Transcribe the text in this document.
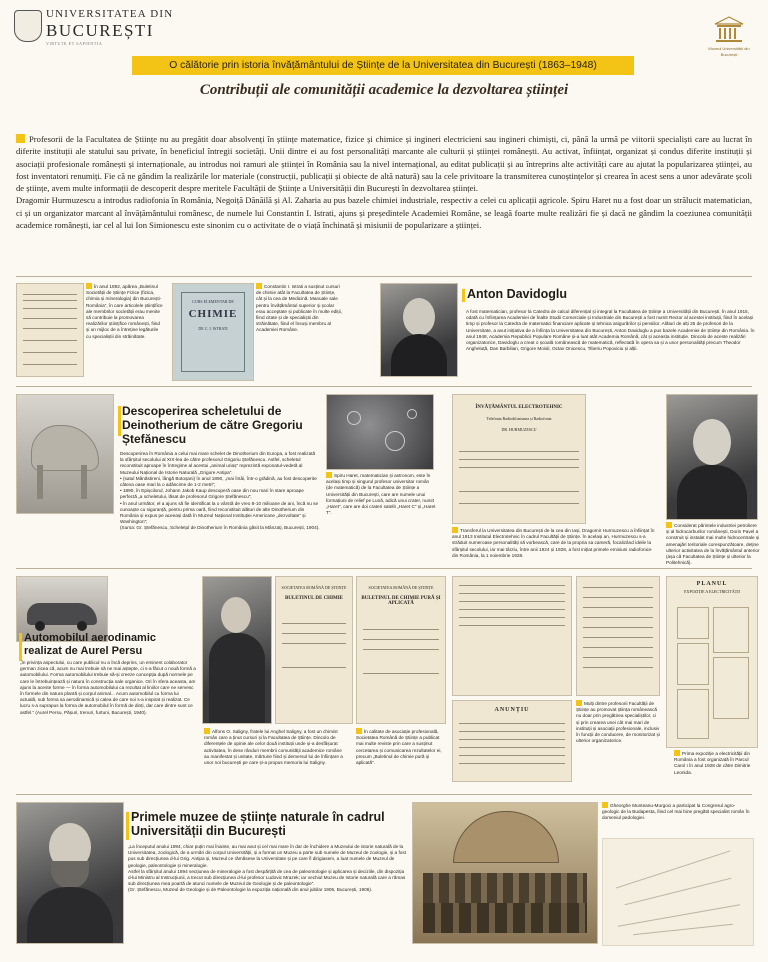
UNIVERSITATEA DIN
BUCUREȘTI
VIRTUTE ET SAPIENTIA
Muzeul Universității din București
O călătorie prin istoria învățământului de Științe de la Universitatea din București (1863–1948)
Contribuții ale comunității academice la dezvoltarea științei
Profesorii de la Facultatea de Științe nu au pregătit doar absolvenți în științe matematice, fizice și chimice și ingineri electricieni sau ingineri chimiști, ci, până la urmă pe viitorii specialiști care au lucrat în diferite instituții ale statului sau private, în beneficiul întregii societăți. Unii dintre ei au fost personalități marcante ale culturii și științei românești. Au activat, înființat, organizat și condus diferite instituții și asociații profesionale românești și internaționale, au introdus noi ramuri ale științei în România sau la nivel internațional, au editat publicații și au întreprins alte activități care au ajutat la popularizarea științei, au fost inventatori renumiți. Fie că ne gândim la realizările lor materiale (construcții, publicații și obiecte de altă natură) sau la cele privitoare la transmiterea cunoștințelor și crearea în acest sens a unor adevărate școli de științe, avem multe informații de descoperit despre meritele Facultății de Științe a Universității din București în dezvoltarea științei.
Dragomir Hurmuzescu a introdus radiofonia în România, Negoiță Dănăilă și Al. Zaharia au pus bazele chimiei industriale, respectiv a celei cu aplicații agricole. Spiru Haret nu a fost doar un strălucit matematician, ci și un organizator marcant al învățământului românesc, de numele lui Constantin I. Istrati, ajuns și președintele Academiei Române, se leagă foarte multe realizări fie și dacă ne gândim la coeziunea comunității academice românești, iar cel al lui Ion Simionescu este sinonim cu o activitate de o viață închinată și misiunii de popularizare a științei.
În anul 1892, apărea „Buletinul Societății de Științe Fizice (fizica, chimia și mineralogia) din București-România”, în care articolele științifice ale membrilor societății erau menite să contribuie la promovarea realizărilor științifice românești, fiind și un mijloc de a întreține legăturile cu specialiștii din străinătate.
CURS ELEMENTAR DE
CHIMIE
DE C. I. ISTRATI
Constantin I. Istrati a susținut cursuri de chimie atât la Facultatea de Științe, cât și la cea de Medicină. Manuale sale pentru învățământul superior și școlar erau acceptate și publicate în multe ediții, fiind citate și de specialiștii din străinătate, fiind el însuși membru al Academiei Române.
Anton Davidoglu
A fost matematician, profesor la Catedra de calcul diferențial și integral la Facultatea de Științe a Universității din București. În anul 1915, odată cu înființarea Academiei de Înalte Studii Comerciale și Industriale din București a fost numit Rector al acestei instituții, fiind în același timp și profesor la Catedra de matematici financiare aplicate și tehnica asigurărilor și pensiilor. Alături de alți 25 de profesori de la Universitate, a avut inițiativa de a înființa la Universitatea din București, Anton Davidoglu a pus bazele Academiei de Științe din România. În anul 1948, Academia Republicii Populare Române și-a luat atât Academia Română, cât și aceasta instituție. Dincolo de aceste realizări organizatorice, Davidoglu a creat o școală românească de matematică, reflectată în opera sa și a unor personalități precum Theodor Angheluță, Dan Barbilian, Grigore Moisil, Octav Onicescu, Tiberiu Popoviciu și alții.
Descoperirea scheletului de Deinotherium de către Gregoriu Ștefănescu
Descoperirea în România a celui mai mare schelet de Dinotherium din Europa, a fost realizată la sfârșitul secolului al XIX-lea de către profesorul Grigoriu Ștefănescu. Astfel, scheletul reconstituit aproape în întregime al acestui „animal uriaș” reprezintă exponatul-vedetă al Muzeului Național de Istorie Naturală „Grigore Antipa”.
• (satul Mânăstireni, lângă Botoșani) în anul 1890, „mai întâi, într-o grădină, au fost descoperite câteva oase mari la o adâncime de 1-2 metri”;
• 1890, în Epișcilorul, Johann Jakob Kaup descoperă oase din nou mari în stare aproape perfectă „a scheletului, lăsat de profesorul Grigore Ștefănescu”;
• în anul următor, el a ajuns să fie identificat la o vârstă de vreo 8-10 milioane de ani, încă nu se cunoaște cu siguranță, pentru prima oară, fiind reconstituit alături de alte Dinotherium din România și expus pe aceeași dată în Muzeul Național Instituției Americane „dezvoltate” și Washington”;
(Sursa: Gr. Ștefănescu, Schelețul de Dinotherium în România găsit la Mânzați, București, 1904).
Spiru Haret, matematician și astronom, este în același timp și singurul profesor universitar român (de matematică) de la Facultatea de Științe a Universității din București, care are numele unui formațiuni de relief pe Lună, adică unui crater, numit „Haret”, care are doi crateri satelit „Haret C” și „Haret T”.
ÎNVĂȚĂMÂNTUL ELECTROTEHNIC
Telefonia Radiodifuziunea și Radiofonia
DR. HURMUZESCU
Transferul la Universitatea din București de la cea din Iași, Dragomir Hurmuzescu a înființat în anul 1913 Institutul Electrotehnic în cadrul Facultății de Științe. În același an, Hurmuzescu s-a străduit numeroase personalități să vorbească, care de la propria sa cameră, focalizând ideile la sfârșitul secolului, iar mai târziu, între anii 1924 și 1928, a fost inițiat primele emisiuni radiofonice din România, la 1 noiembrie 1928.
Considerat părintele industriei petroliere și al hidrocarburilor românești, Dorin Pavel a construit și instalat mai multe hidrocentrale și amenajări teritoriale corespunzătoare, deține ulterior activitatea de la învățământul anterior (așa că Facultatea de Științe și ulterior la Politehnică).
Automobilul aerodinamic realizat de Aurel Persu
„În privința aspectului, cu care publicul nu a încă deprins, un eminent colaborator german zicea că, acum nu mai trebuie să ne mai aștepte, ci s-a făcut o nouă formă a automobilului. Forma automobilului trebuie să-și creeze concepția după normele pe care le întrebuințează și natura în construcția sale organice. Ori în sfera aceasta, am ajuns la aceste forme — în forma automobilului ca rezultat al liniilor care ne servesc în formele din natura plantă și corpul animal... Acum automobilul cu forma lui actuală, sub forma sa aerodinamică și calea de care noi s-a inspirat și realizat. Ce lucru s-a suprapus la forma de automobilul în formă de dinți, dar care dintre sunt ce astfel.” (Aurel Persu, Pășuri, trenuri, furtuni, București, 1940).
SOCIETATEA ROMÂNĂ DE ȘTIINȚE
BULETINUL DE CHIMIE
SOCIETATEA ROMÂNĂ DE ȘTIINȚE
BULETINUL DE CHIMIE PURĂ ȘI APLICATĂ
Alfons O. Saligny, fratele lui Anghel Saligny, a fost un chimist român care a ținut cursuri și la Facultatea de Științe. Dincolo de diferențele de opinie ale celor două instituții unde și-a desfășurat activitatea, în dese rânduri membrii comunității academice române au manifestat și unitate, mărturie fiind și demersul lui de înființare a unor noi bucurești pe care și-a propus memoria lui Saligny.
În calitate de asociație profesională, Societatea Română de Științe a publicat mai multe reviste prin care a susținut cercetarea și comunicarea rezultatelor ei, precum „Buletinul de chimie pură și aplicată”.
ANUNȚIU
Mulți dintre profesorii Facultății de Științe au promovat știința românească nu doar prin pregătirea specialiștilor, ci și prin crearea unei cât mai mari de instituții și asociații profesionale, inclusiv în funcții de conducere, de monitorizat și ulterior organizatorice.
PLANUL
EXPOZIȚIE A ELECTRICITĂȚII
Prima expoziție a electricității din România a fost organizată în Parcul Carol I în anul 1928 de către Dimitrie Leonida.
Primele muzee de științe naturale în cadrul Universității din București
„La începutul anului 1894, chiar puțin mai înainte, au mai avut și cel mai mare în dar de închidere a Muzeului de istorie naturală de la Universitatea, zoologică, de a urmări din corpul Universității, și a format un Muzeu a parte sub numele de Muzeul de zoologie, și a fost pus sub direcțiunea d-lui Grig. Antipa și, Muzeul ce rămăsese la Universitate și pe care îl dirigiasem, a luat numele de Muzeul de geologie, paleontologie și mineralogie.
Astfel la sfârșitul anului 1894 secțiunea de mineralogie a fost despărțită de cea de paleontologie și aplicarea și deciziile, din dispoziția d-lui Ministru al Instrucțiunii, a trecut sub direcțiunea d-lui profesor Ludovic Mrazek; iar vechiul Muzeu de Istorie naturală care a rămas sub direcțiunea mea poartă de atunci numele de Muzeul de Geologie și de paleontologie”.
(Gr. Ștefănescu, Muzeul de Geologie și de Paleontologie la expoziția națională din anul jubilar 1906, București, 1906).
Gheorghe Munteanu-Murgoci a participat la Congresul agro-geologic de la Budapesta, fiind cel mai bine pregătit specialist român în domeniul pedologiei.
